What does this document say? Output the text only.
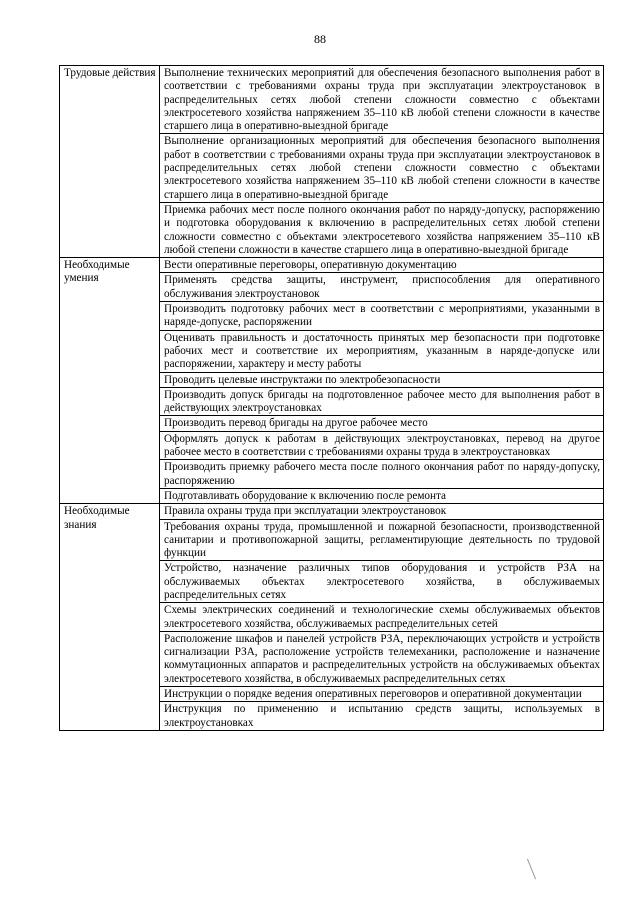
88
Трудовые действия	Выполнение технических мероприятий для обеспечения безопасного выполнения работ в соответствии с требованиями охраны труда при эксплуатации электроустановок в распределительных сетях любой степени сложности совместно с объектами электросетевого хозяйства напряжением 35–110 кВ любой степени сложности в качестве старшего лица в оперативно-выездной бригаде
	Выполнение организационных мероприятий для обеспечения безопасного выполнения работ в соответствии с требованиями охраны труда при эксплуатации электроустановок в распределительных сетях любой степени сложности совместно с объектами электросетевого хозяйства напряжением 35–110 кВ любой степени сложности в качестве старшего лица в оперативно-выездной бригаде
	Приемка рабочих мест после полного окончания работ по наряду-допуску, распоряжению и подготовка оборудования к включению в распределительных сетях любой степени сложности совместно с объектами электросетевого хозяйства напряжением 35–110 кВ любой степени сложности в качестве старшего лица в оперативно-выездной бригаде
Необходимые умения	Вести оперативные переговоры, оперативную документацию
	Применять средства защиты, инструмент, приспособления для оперативного обслуживания электроустановок
	Производить подготовку рабочих мест в соответствии с мероприятиями, указанными в наряде-допуске, распоряжении
	Оценивать правильность и достаточность принятых мер безопасности при подготовке рабочих мест и соответствие их мероприятиям, указанным в наряде-допуске или распоряжении, характеру и месту работы
	Проводить целевые инструктажи по электробезопасности
	Производить допуск бригады на подготовленное рабочее место для выполнения работ в действующих электроустановках
	Производить перевод бригады на другое рабочее место
	Оформлять допуск к работам в действующих электроустановках, перевод на другое рабочее место в соответствии с требованиями охраны труда в электроустановках
	Производить приемку рабочего места после полного окончания работ по наряду-допуску, распоряжению
	Подготавливать оборудование к включению после ремонта
Необходимые знания	Правила охраны труда при эксплуатации электроустановок
	Требования охраны труда, промышленной и пожарной безопасности, производственной санитарии и противопожарной защиты, регламентирующие деятельность по трудовой функции
	Устройство, назначение различных типов оборудования и устройств РЗА на обслуживаемых объектах электросетевого хозяйства, в обслуживаемых распределительных сетях
	Схемы электрических соединений и технологические схемы обслуживаемых объектов электросетевого хозяйства, обслуживаемых распределительных сетей
	Расположение шкафов и панелей устройств РЗА, переключающих устройств и устройств сигнализации РЗА, расположение устройств телемеханики, расположение и назначение коммутационных аппаратов и распределительных устройств на обслуживаемых объектах электросетевого хозяйства, в обслуживаемых распределительных сетях
	Инструкции о порядке ведения оперативных переговоров и оперативной документации
	Инструкция по применению и испытанию средств защиты, используемых в электроустановках
